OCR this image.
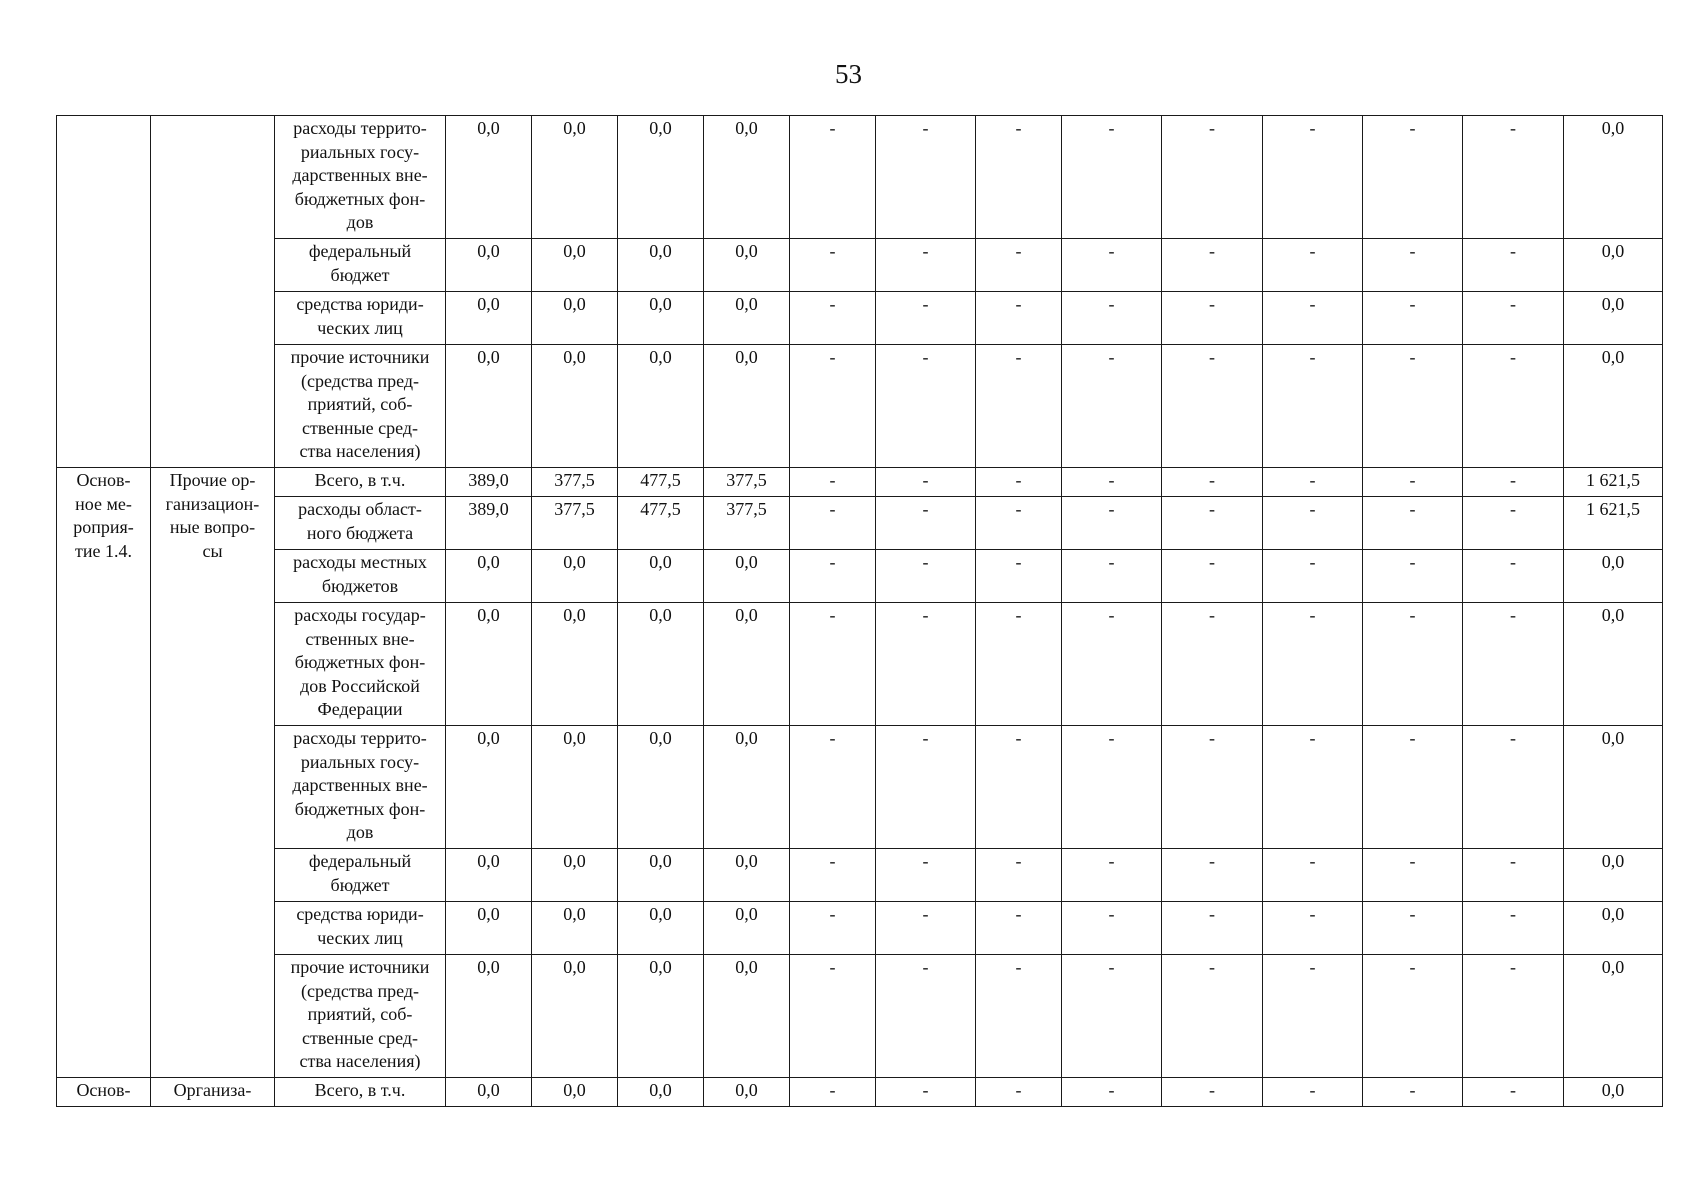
53
		расходы террито-
риальных госу-
дарственных вне-
бюджетных фон-
дов	0,0	0,0	0,0	0,0	-	-	-	-	-	-	-	-	0,0
		федеральный
бюджет	0,0	0,0	0,0	0,0	-	-	-	-	-	-	-	-	0,0
		средства юриди-
ческих лиц	0,0	0,0	0,0	0,0	-	-	-	-	-	-	-	-	0,0
		прочие источники
(средства пред-
приятий, соб-
ственные сред-
ства населения)	0,0	0,0	0,0	0,0	-	-	-	-	-	-	-	-	0,0
Основ-
ное ме-
роприя-
тие 1.4.	Прочие ор-
ганизацион-
ные вопро-
сы	Всего, в т.ч.	389,0	377,5	477,5	377,5	-	-	-	-	-	-	-	-	1 621,5
		расходы област-
ного бюджета	389,0	377,5	477,5	377,5	-	-	-	-	-	-	-	-	1 621,5
		расходы местных
бюджетов	0,0	0,0	0,0	0,0	-	-	-	-	-	-	-	-	0,0
		расходы государ-
ственных вне-
бюджетных фон-
дов Российской
Федерации	0,0	0,0	0,0	0,0	-	-	-	-	-	-	-	-	0,0
		расходы террито-
риальных госу-
дарственных вне-
бюджетных фон-
дов	0,0	0,0	0,0	0,0	-	-	-	-	-	-	-	-	0,0
		федеральный
бюджет	0,0	0,0	0,0	0,0	-	-	-	-	-	-	-	-	0,0
		средства юриди-
ческих лиц	0,0	0,0	0,0	0,0	-	-	-	-	-	-	-	-	0,0
		прочие источники
(средства пред-
приятий, соб-
ственные сред-
ства населения)	0,0	0,0	0,0	0,0	-	-	-	-	-	-	-	-	0,0
Основ-	Организа-	Всего, в т.ч.	0,0	0,0	0,0	0,0	-	-	-	-	-	-	-	-	0,0
